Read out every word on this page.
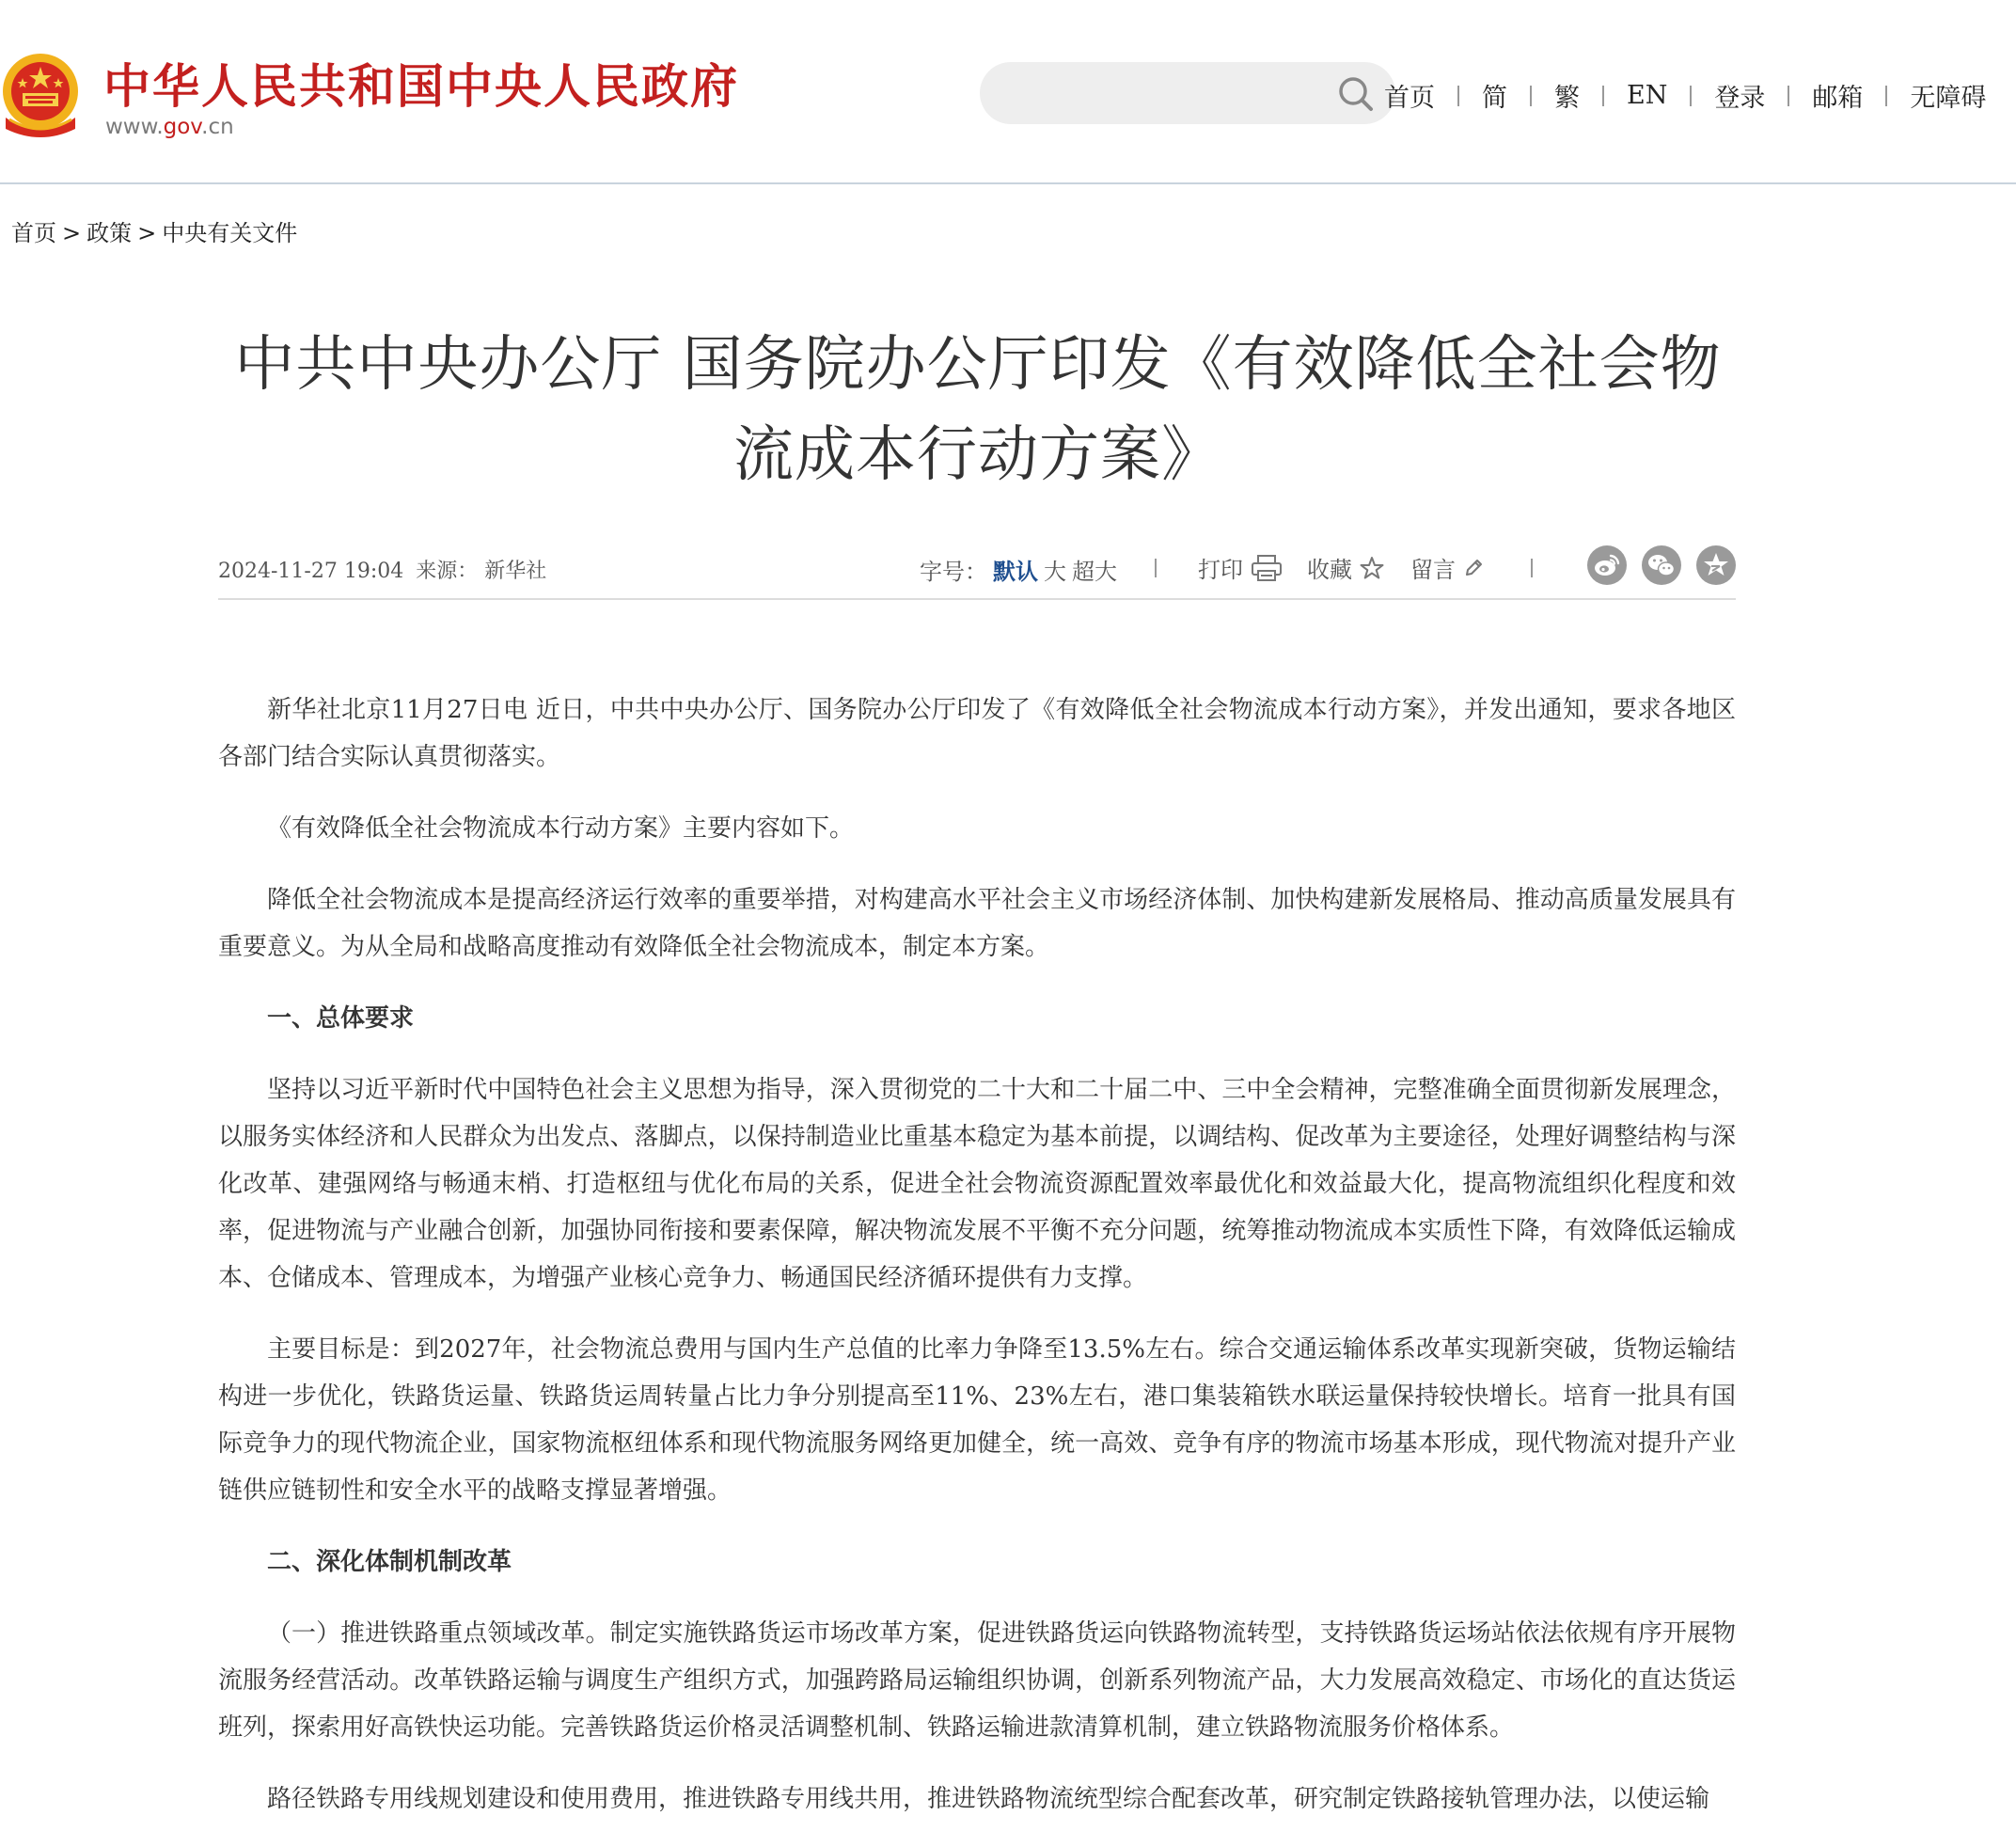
中华人民共和国中央人民政府
www.gov.cn
首页 简 繁 EN 登录 邮箱 无障碍
首页 > 政策 > 中央有关文件
中共中央办公厅 国务院办公厅印发《有效降低全社会物
流成本行动方案》
2024-11-27 19:04 来源： 新华社	字号： 默认 大 超大	打印	收藏	留言

新华社北京11月27日电 近日，中共中央办公厅、国务院办公厅印发了《有效降低全社会物流成本行动方案》，并发出通知，要求各地区各部门结合实际认真贯彻落实。

《有效降低全社会物流成本行动方案》主要内容如下。

降低全社会物流成本是提高经济运行效率的重要举措，对构建高水平社会主义市场经济体制、加快构建新发展格局、推动高质量发展具有重要意义。为从全局和战略高度推动有效降低全社会物流成本，制定本方案。

一、总体要求

坚持以习近平新时代中国特色社会主义思想为指导，深入贯彻党的二十大和二十届二中、三中全会精神，完整准确全面贯彻新发展理念，以服务实体经济和人民群众为出发点、落脚点，以保持制造业比重基本稳定为基本前提，以调结构、促改革为主要途径，处理好调整结构与深化改革、建强网络与畅通末梢、打造枢纽与优化布局的关系，促进全社会物流资源配置效率最优化和效益最大化，提高物流组织化程度和效率，促进物流与产业融合创新，加强协同衔接和要素保障，解决物流发展不平衡不充分问题，统筹推动物流成本实质性下降，有效降低运输成本、仓储成本、管理成本，为增强产业核心竞争力、畅通国民经济循环提供有力支撑。

主要目标是：到2027年，社会物流总费用与国内生产总值的比率力争降至13.5%左右。综合交通运输体系改革实现新突破，货物运输结构进一步优化，铁路货运量、铁路货运周转量占比力争分别提高至11%、23%左右，港口集装箱铁水联运量保持较快增长。培育一批具有国际竞争力的现代物流企业，国家物流枢纽体系和现代物流服务网络更加健全，统一高效、竞争有序的物流市场基本形成，现代物流对提升产业链供应链韧性和安全水平的战略支撑显著增强。

二、深化体制机制改革

（一）推进铁路重点领域改革。制定实施铁路货运市场改革方案，促进铁路货运向铁路物流转型，支持铁路货运场站依法依规有序开展物流服务经营活动。改革铁路运输与调度生产组织方式，加强跨路局运输组织协调，创新系列物流产品，大力发展高效稳定、市场化的直达货运班列，探索用好高铁快运功能。完善铁路货运价格灵活调整机制、铁路运输进款清算机制，建立铁路物流服务价格体系。

路径铁路专用线规划建设和使用费用，推进铁路专用线共用，推进铁路物流统型综合配套改革，研究制定铁路接轨管理办法，以使运输
